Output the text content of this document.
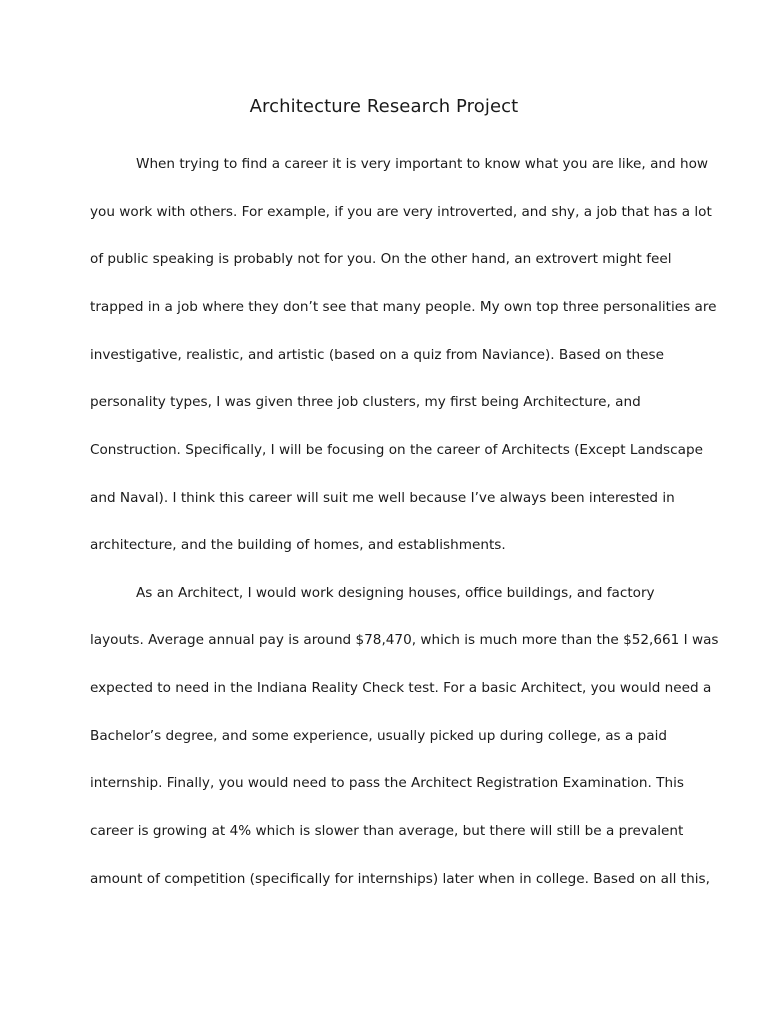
Architecture Research Project
When trying to find a career it is very important to know what you are like, and how
you work with others. For example, if you are very introverted, and shy, a job that has a lot
of public speaking is probably not for you. On the other hand, an extrovert might feel
trapped in a job where they don’t see that many people. My own top three personalities are
investigative, realistic, and artistic (based on a quiz from Naviance). Based on these
personality types, I was given three job clusters, my first being Architecture, and
Construction. Specifically, I will be focusing on the career of Architects (Except Landscape
and Naval). I think this career will suit me well because I’ve always been interested in
architecture, and the building of homes, and establishments.
As an Architect, I would work designing houses, office buildings, and factory
layouts. Average annual pay is around $78,470, which is much more than the $52,661 I was
expected to need in the Indiana Reality Check test. For a basic Architect, you would need a
Bachelor’s degree, and some experience, usually picked up during college, as a paid
internship. Finally, you would need to pass the Architect Registration Examination. This
career is growing at 4% which is slower than average, but there will still be a prevalent
amount of competition (specifically for internships) later when in college. Based on all this,
